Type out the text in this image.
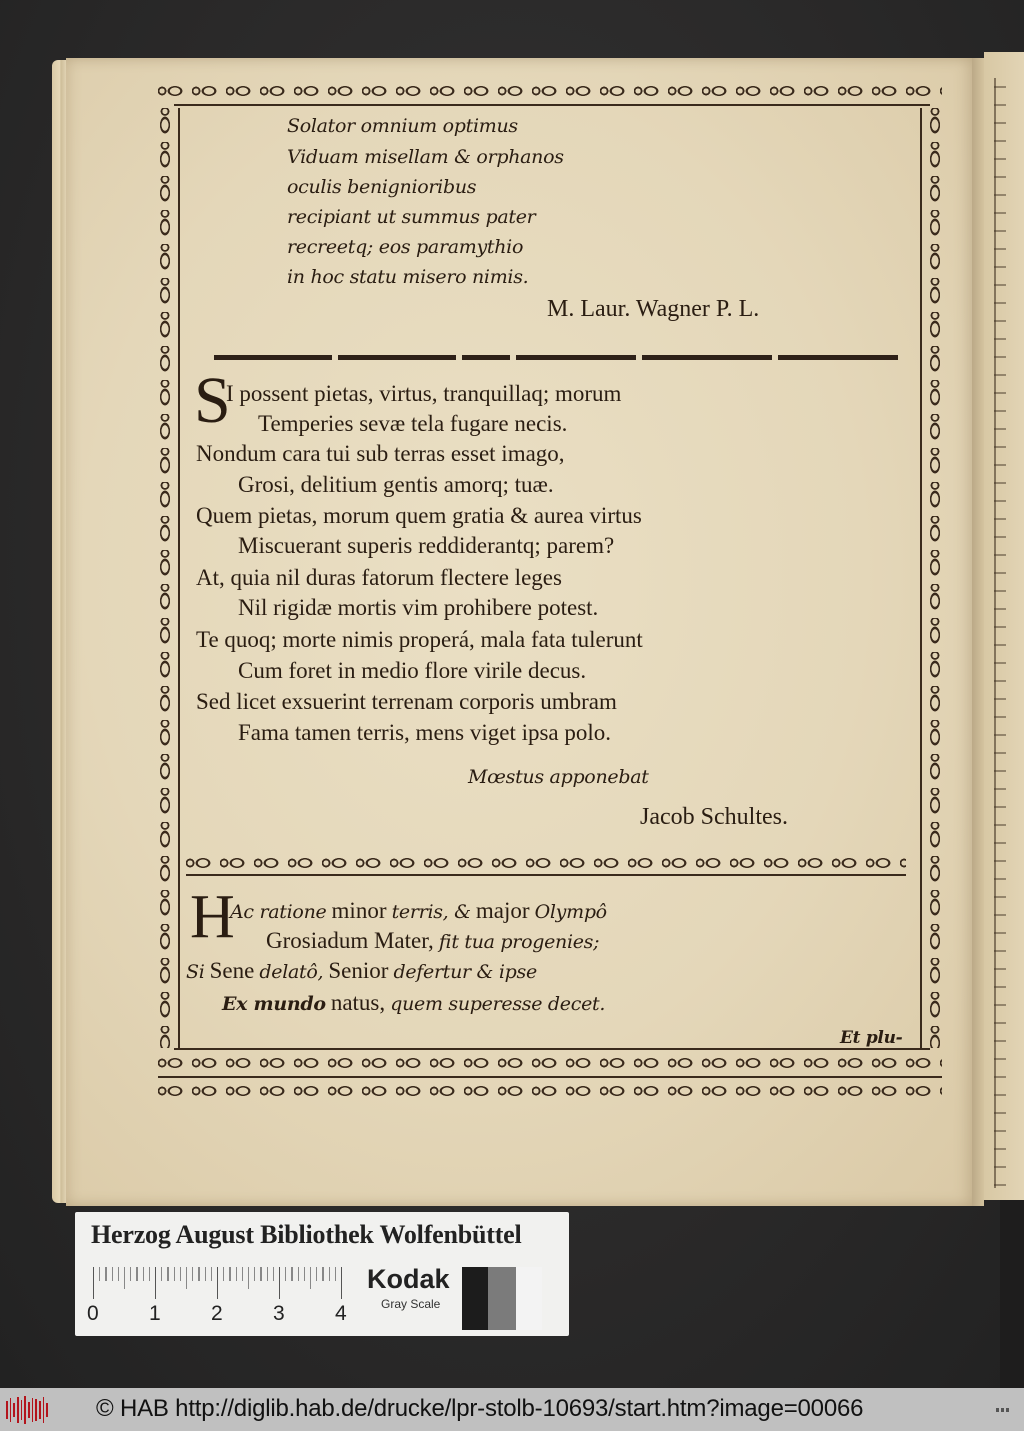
Solator omnium optimus
Viduam misellam & orphanos
oculis benignioribus
recipiant ut summus pater
recreetq; eos paramythio
in hoc statu misero nimis.
M. Laur. Wagner P. L.
S
I possent pietas, virtus, tranquillaq; morum
Temperies sevæ tela fugare necis.
Nondum cara tui sub terras esset imago,
Grosi, delitium gentis amorq; tuæ.
Quem pietas, morum quem gratia & aurea virtus
Miscuerant superis reddiderantq; parem?
At, quia nil duras fatorum flectere leges
Nil rigidæ mortis vim prohibere potest.
Te quoq; morte nimis properá, mala fata tulerunt
Cum foret in medio flore virile decus.
Sed licet exsuerint terrenam corporis umbram
Fama tamen terris, mens viget ipsa polo.
Mœstus apponebat
Jacob Schultes.
H
Ac ratione minor terris, & major Olympô
Grosiadum Mater, fit tua progenies;
Si Sene delatô, Senior defertur & ipse
Ex mundo natus, quem superesse decet.
Et plu-
Herzog August Bibliothek Wolfenbüttel
0 1 2 3 4
Kodak
Gray Scale
© HAB http://diglib.hab.de/drucke/lpr-stolb-10693/start.htm?image=00066
